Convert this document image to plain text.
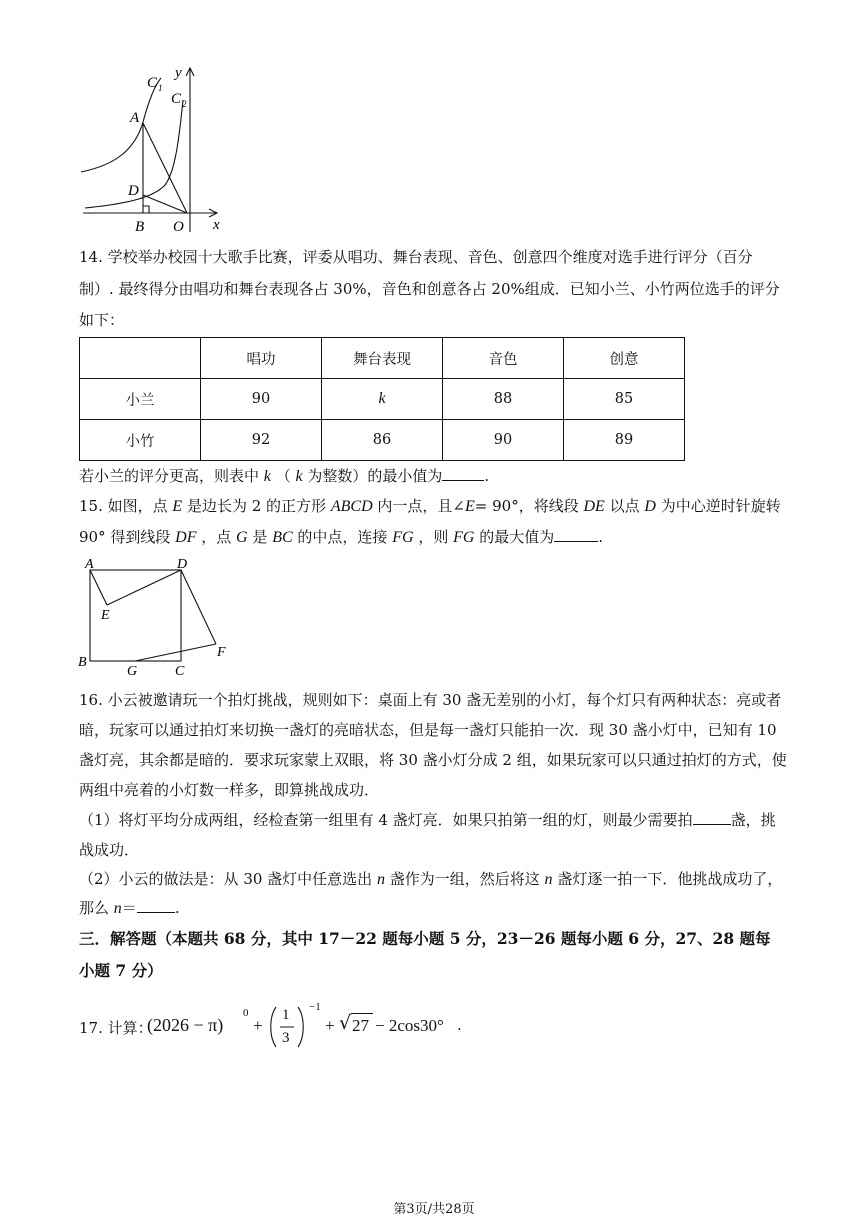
C 1
C 2
y
x
A
D
B O
14. 学校举办校园十大歌手比赛，评委从唱功、舞台表现、音色、创意四个维度对选手进行评分（百分
制）. 最终得分由唱功和舞台表现各占 30%，音色和创意各占 20%组成．已知小兰、小竹两位选手的评分
如下：
	唱功	舞台表现	音色	创意
小兰	90	k	88	85
小竹	92	86	90	89
若小兰的评分更高，则表中 k （ k 为整数）的最小值为	.
15. 如图，点 E 是边长为 2 的正方形 ABCD 内一点，且∠E= 90°，将线段 DE 以点 D 为中心逆时针旋转
90° 得到线段 DF ，点 G 是 BC 的中点，连接 FG ，则 FG 的最大值为	.
A	D
E
F
B
G	C
16. 小云被邀请玩一个拍灯挑战，规则如下：桌面上有 30 盏无差别的小灯，每个灯只有两种状态：亮或者
暗，玩家可以通过拍灯来切换一盏灯的亮暗状态，但是每一盏灯只能拍一次．现 30 盏小灯中，已知有 10
盏灯亮，其余都是暗的．要求玩家蒙上双眼，将 30 盏小灯分成 2 组，如果玩家可以只通过拍灯的方式，使
两组中亮着的小灯数一样多，即算挑战成功．
（1）将灯平均分成两组，经检查第一组里有 4 盏灯亮．如果只拍第一组的灯，则最少需要拍	盏，挑
战成功．
（2）小云的做法是：从 30 盏灯中任意选出 n 盏作为一组，然后将这 n 盏灯逐一拍一下．他挑战成功了，
那么 n＝	.
三．解答题（本题共 68 分，其中 17－22 题每小题 5 分，23－26 题每小题 6 分，27、28 题每
小题 7 分）
17. 计算：
(2026 − π)
0
+
1
3
−1
+ √ 27 − 2cos30° .
第3页/共28页
